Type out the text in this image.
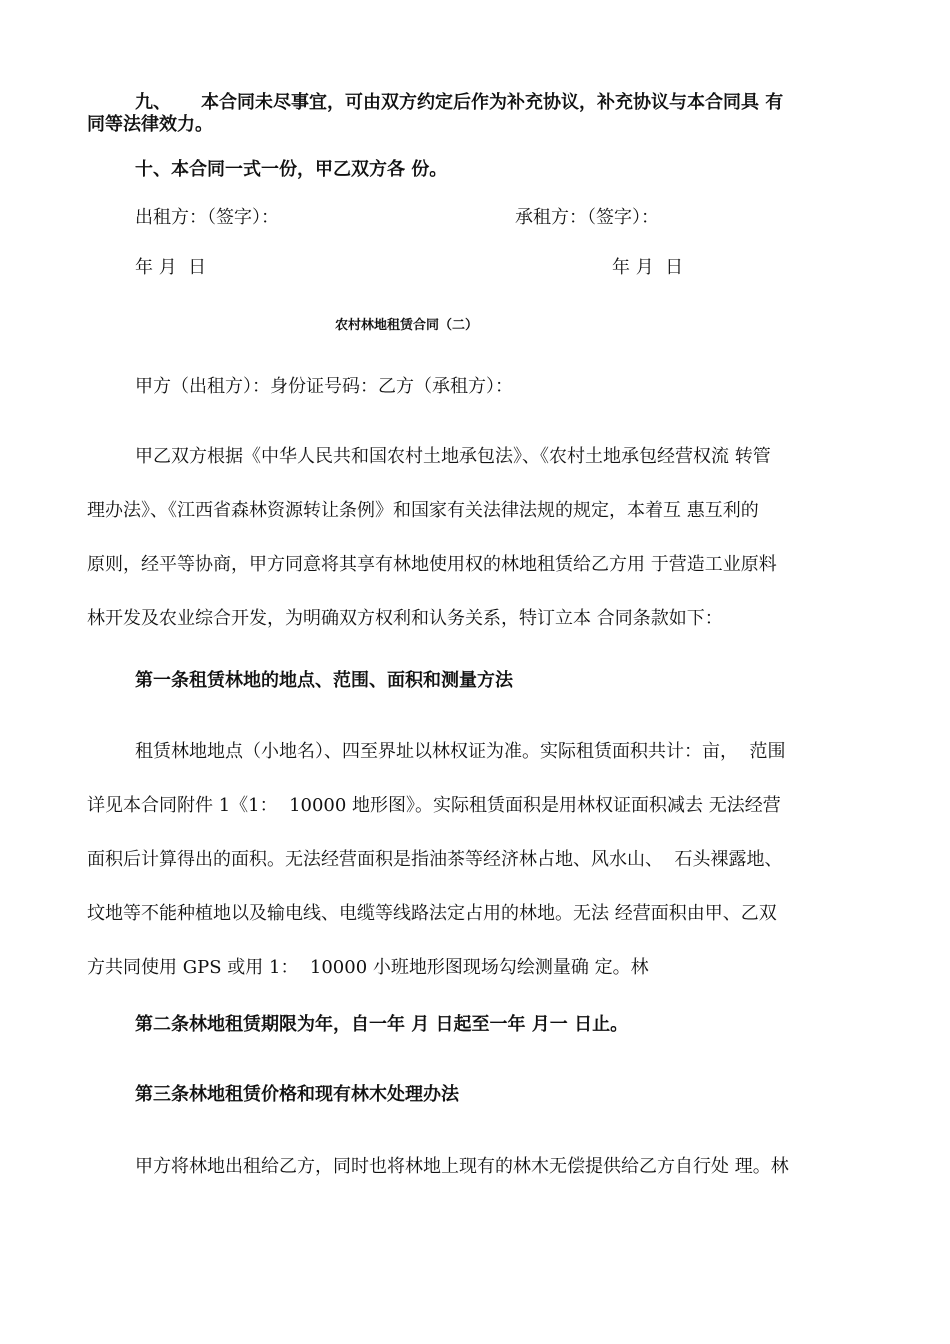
九、 本合同未尽事宜，可由双方约定后作为补充协议，补充协议与本合同具 有
同等法律效力。
十、本合同一式一份，甲乙双方各 份。
出租方：（签字）：	承租方：（签字）：
年 月  日	年 月  日
农村林地租赁合同（二）
甲方（出租方）：身份证号码：乙方（承租方）：
甲乙双方根据《中华人民共和国农村土地承包法》、《农村土地承包经营权流 转管
理办法》、《江西省森林资源转让条例》和国家有关法律法规的规定，本着互 惠互利的
原则，经平等协商，甲方同意将其享有林地使用权的林地租赁给乙方用 于营造工业原料
林开发及农业综合开发，为明确双方权利和认务关系，特订立本 合同条款如下：
第一条租赁林地的地点、范围、面积和测量方法
租赁林地地点（小地名）、四至界址以林权证为准。实际租赁面积共计：亩，  范围
详见本合同附件 1《1：  10000 地形图》。实际租赁面积是用林权证面积减去 无法经营
面积后计算得出的面积。无法经营面积是指油茶等经济林占地、风水山、  石头裸露地、
坟地等不能种植地以及输电线、电缆等线路法定占用的林地。无法 经营面积由甲、乙双
方共同使用 GPS 或用 1：  10000 小班地形图现场勾绘测量确 定。林
第二条林地租赁期限为年，自一年 月 日起至一年 月一 日止。
第三条林地租赁价格和现有林木处理办法
甲方将林地出租给乙方，同时也将林地上现有的林木无偿提供给乙方自行处 理。林
